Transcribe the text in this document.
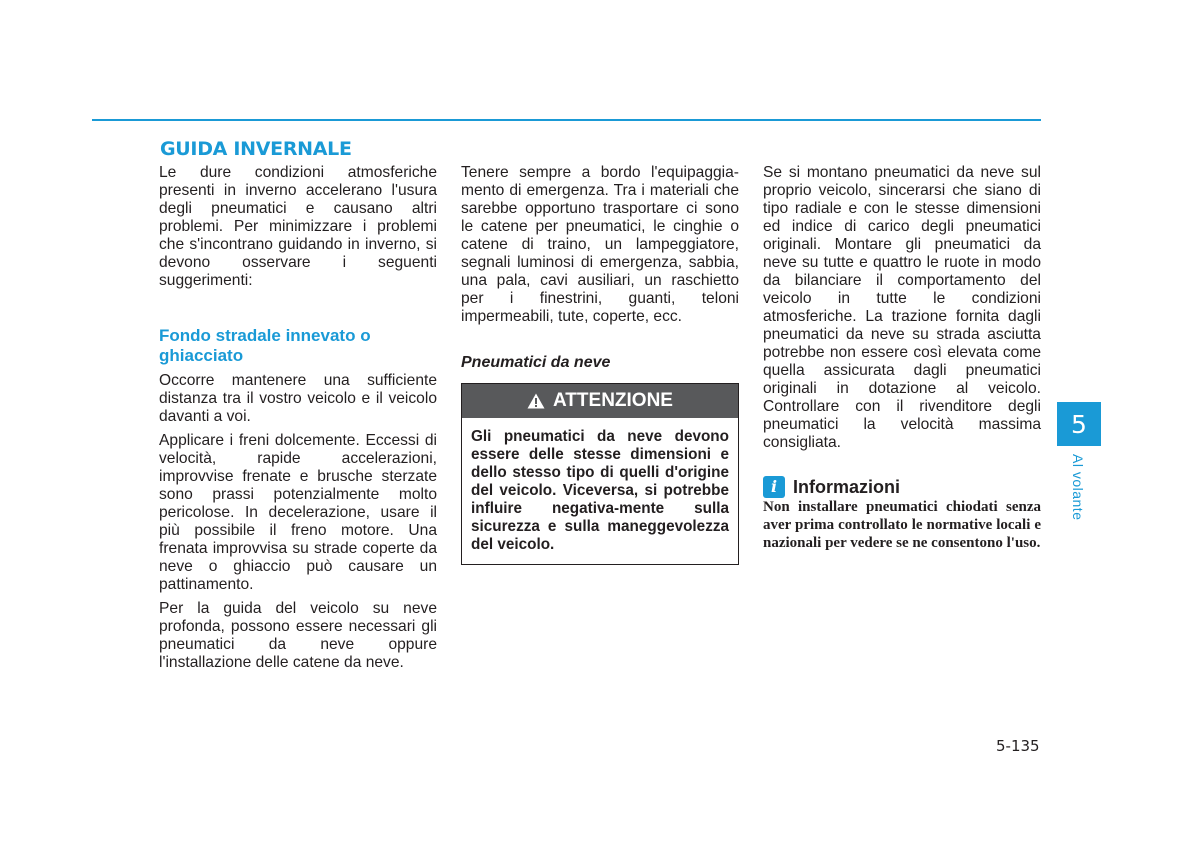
GUIDA INVERNALE

Le dure condizioni atmosferiche presenti in inverno accelerano l'usura degli pneumatici e causano altri problemi. Per minimizzare i problemi che s'incontrano guidando in inverno, si devono osservare i seguenti suggerimenti:

Fondo stradale innevato o ghiacciato

Occorre mantenere una sufficiente distanza tra il vostro veicolo e il veicolo davanti a voi.

Applicare i freni dolcemente. Eccessi di velocità, rapide accelerazioni, improvvise frenate e brusche sterzate sono prassi potenzialmente molto pericolose. In decelerazione, usare il più possibile il freno motore. Una frenata improvvisa su strade coperte da neve o ghiaccio può causare un pattinamento.

Per la guida del veicolo su neve profonda, possono essere necessari gli pneumatici da neve oppure l'installazione delle catene da neve.

Tenere sempre a bordo l'equipaggia-mento di emergenza. Tra i materiali che sarebbe opportuno trasportare ci sono le catene per pneumatici, le cinghie o catene di traino, un lampeggiatore, segnali luminosi di emergenza, sabbia, una pala, cavi ausiliari, un raschietto per i finestrini, guanti, teloni impermeabili, tute, coperte, ecc.

Pneumatici da neve
ATTENZIONE
Gli pneumatici da neve devono essere delle stesse dimensioni e dello stesso tipo di quelli d'origine del veicolo. Viceversa, si potrebbe influire negativa-mente sulla sicurezza e sulla maneggevolezza del veicolo.

Se si montano pneumatici da neve sul proprio veicolo, sincerarsi che siano di tipo radiale e con le stesse dimensioni ed indice di carico degli pneumatici originali. Montare gli pneumatici da neve su tutte e quattro le ruote in modo da bilanciare il comportamento del veicolo in tutte le condizioni atmosferiche. La trazione fornita dagli pneumatici da neve su strada asciutta potrebbe non essere così elevata come quella assicurata dagli pneumatici originali in dotazione al veicolo. Controllare con il rivenditore degli pneumatici la velocità massima consigliata.

i Informazioni

Non installare pneumatici chiodati senza aver prima controllato le normative locali e nazionali per vedere se ne consentono l'uso.

5
Al volante
5-135
